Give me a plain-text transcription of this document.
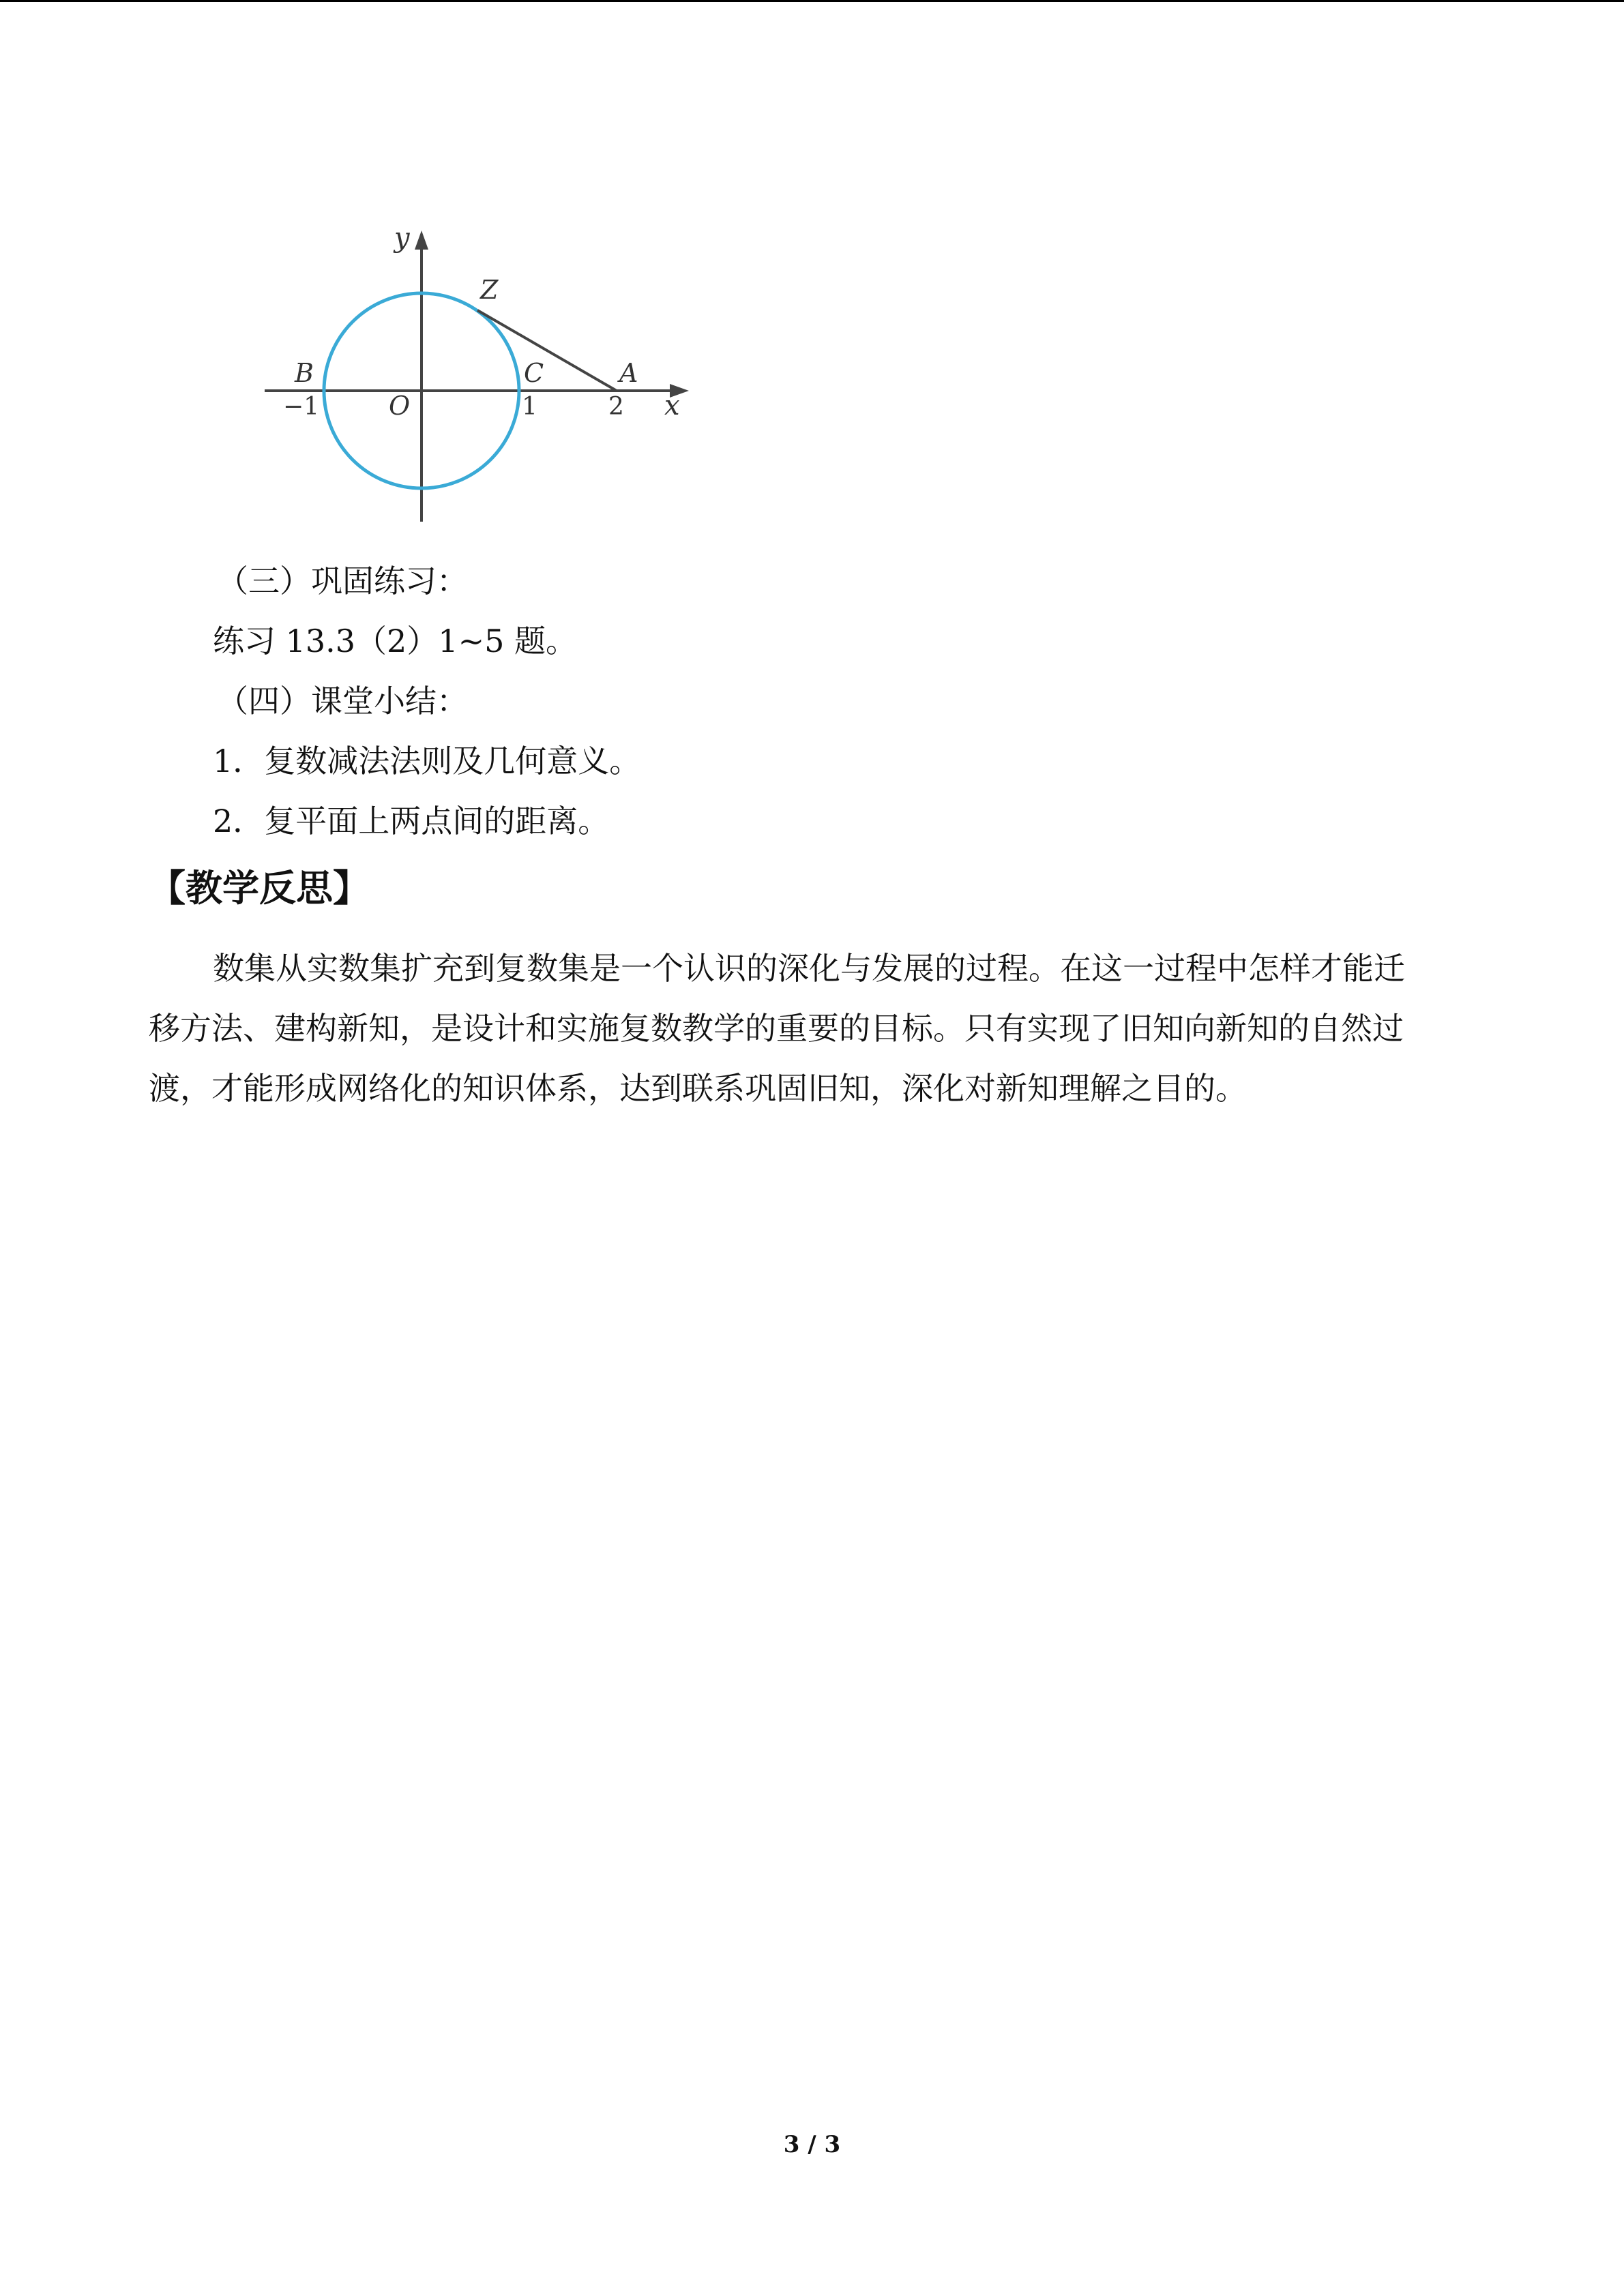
y
Z
B	C	A
O
−1	1	2 x
（三）巩固练习：
练习 13.3（2）1~5 题。
（四）课堂小结：
1．复数减法法则及几何意义。
2．复平面上两点间的距离。
【教学反思】
数集从实数集扩充到复数集是一个认识的深化与发展的过程。在这一过程中怎样才能迁
移方法、建构新知，是设计和实施复数教学的重要的目标。只有实现了旧知向新知的自然过
渡，才能形成网络化的知识体系，达到联系巩固旧知，深化对新知理解之目的。
3 / 3
